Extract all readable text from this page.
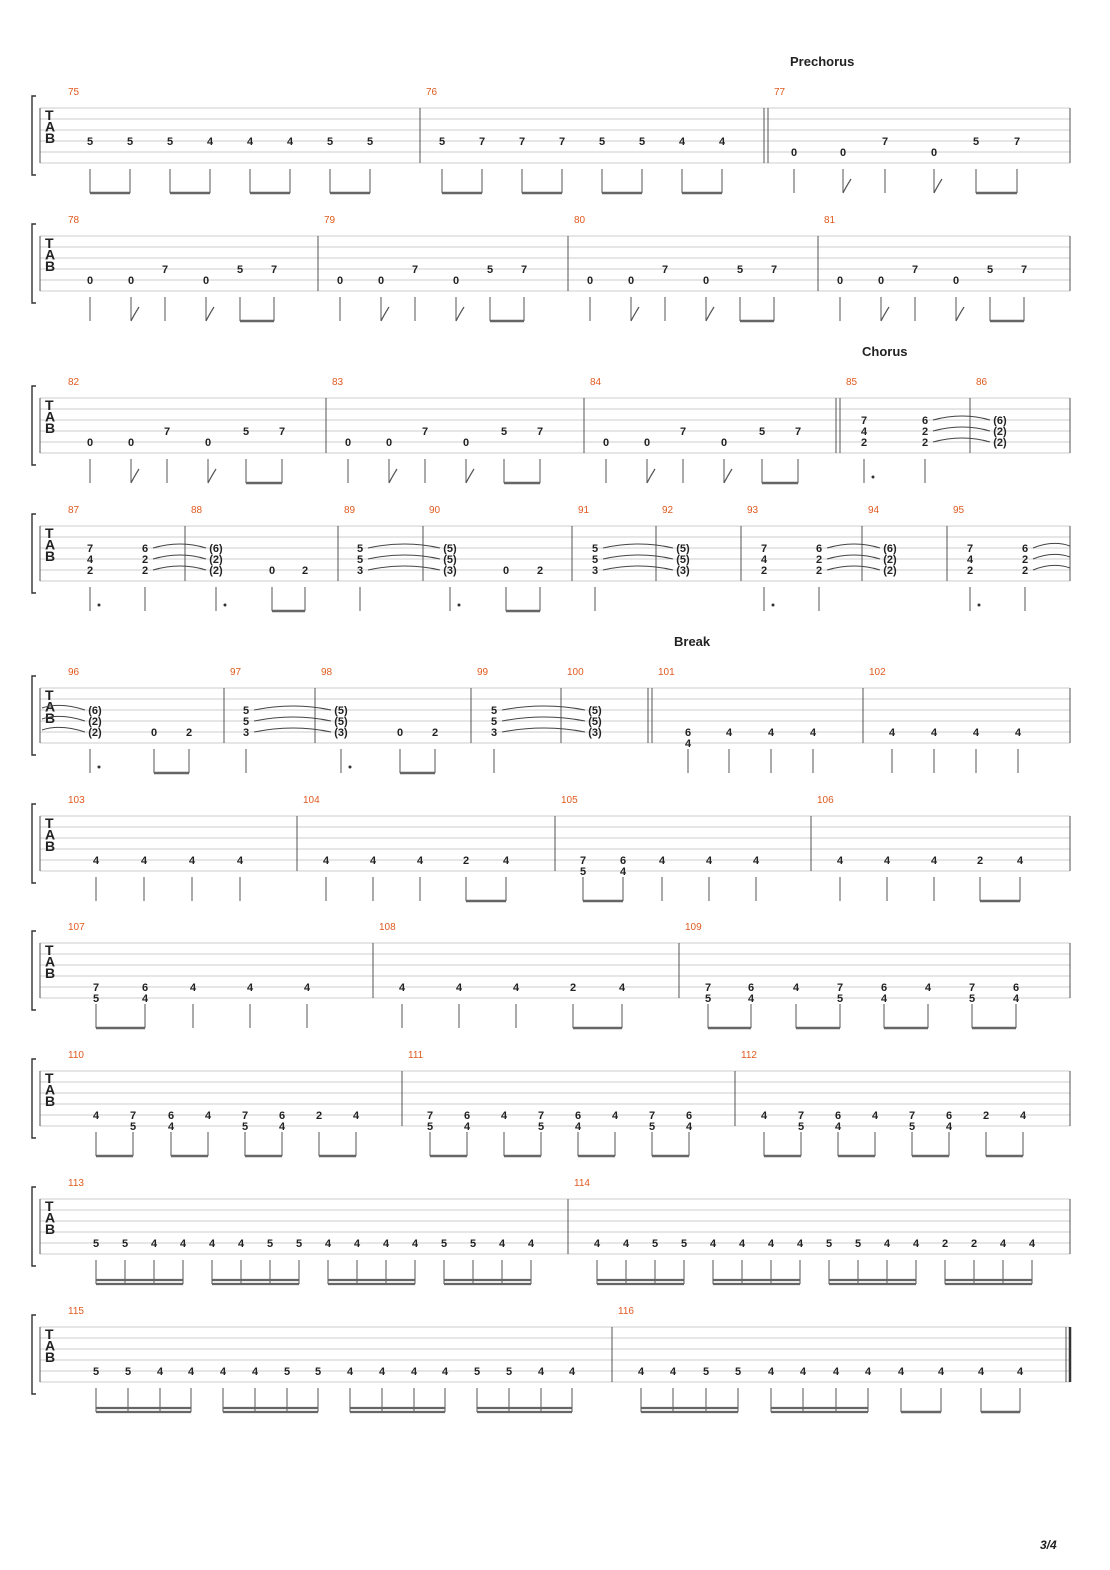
T
A
B
75
5	5	5	4	4	4	5	5
76
5	7	7	7	5	5	4	4
77
Prechorus
0	0
7
0
5	7
T
A
B
78
0	0
7
0
5	7
79
0	0
7
0
5	7
80
0	0
7
0
5	7
81
0	0
7
0
5	7
T
A
B
82
0	0
7
0
5	7
83
0	0
7
0
5	7
84
0	0
7
0
5	7
85
Chorus
7
4
2
6
2
2
86
(6)
(2)
(2)
T
A
B
87
7
4
2
6
2
2
88
(6)
(2)
(2)	0 2
89
5
5
3
90
(5)
(5)
(3)	0	2
91
5
5
3
92
(5)
(5)
(3)
93
7
4
2
6
2
2
94
(6)
(2)
(2)
95
7
4
2
6
2
2
T
A
B
96
(6)
(2)
(2)	0	2
97
5
5
3
98
(5)
(5)
(3)	0	2
99
5
5
3
100
(5)
(5)
(3)
101
Break
6
4
4	4	4
102
4	4	4	4
T
A
B
103
4	4	4	4
104
4	4	4	2	4
105
7
5
6
4
4	4	4
106
4	4	4	2	4
T
A
B
107
7
5
6
4
4	4	4
108
4	4	4	2	4
109
7
5
6
4
4	7
5
6
4
4	7
5
6
4
T
A
B
110
4	7
5
6
4
4	7
5
6
4
2	4
111
7
5
6
4
4	7
5
6
4
4	7
5
6
4
112
4	7
5
6
4
4	7
5
6
4
2	4
T
A
B
113
5 5 4 4 4 4 5 5 4 4 4 4 5 5 4 4
114
4 4 5 5 4 4 4 4 5 5 4 4 2 2 4 4
T
A
B
115
5 5 4 4 4 4 5 5 4 4 4 4 5 5 4 4
116
4 4 5 5 4 4 4 4 4	4	4	4
3/4
